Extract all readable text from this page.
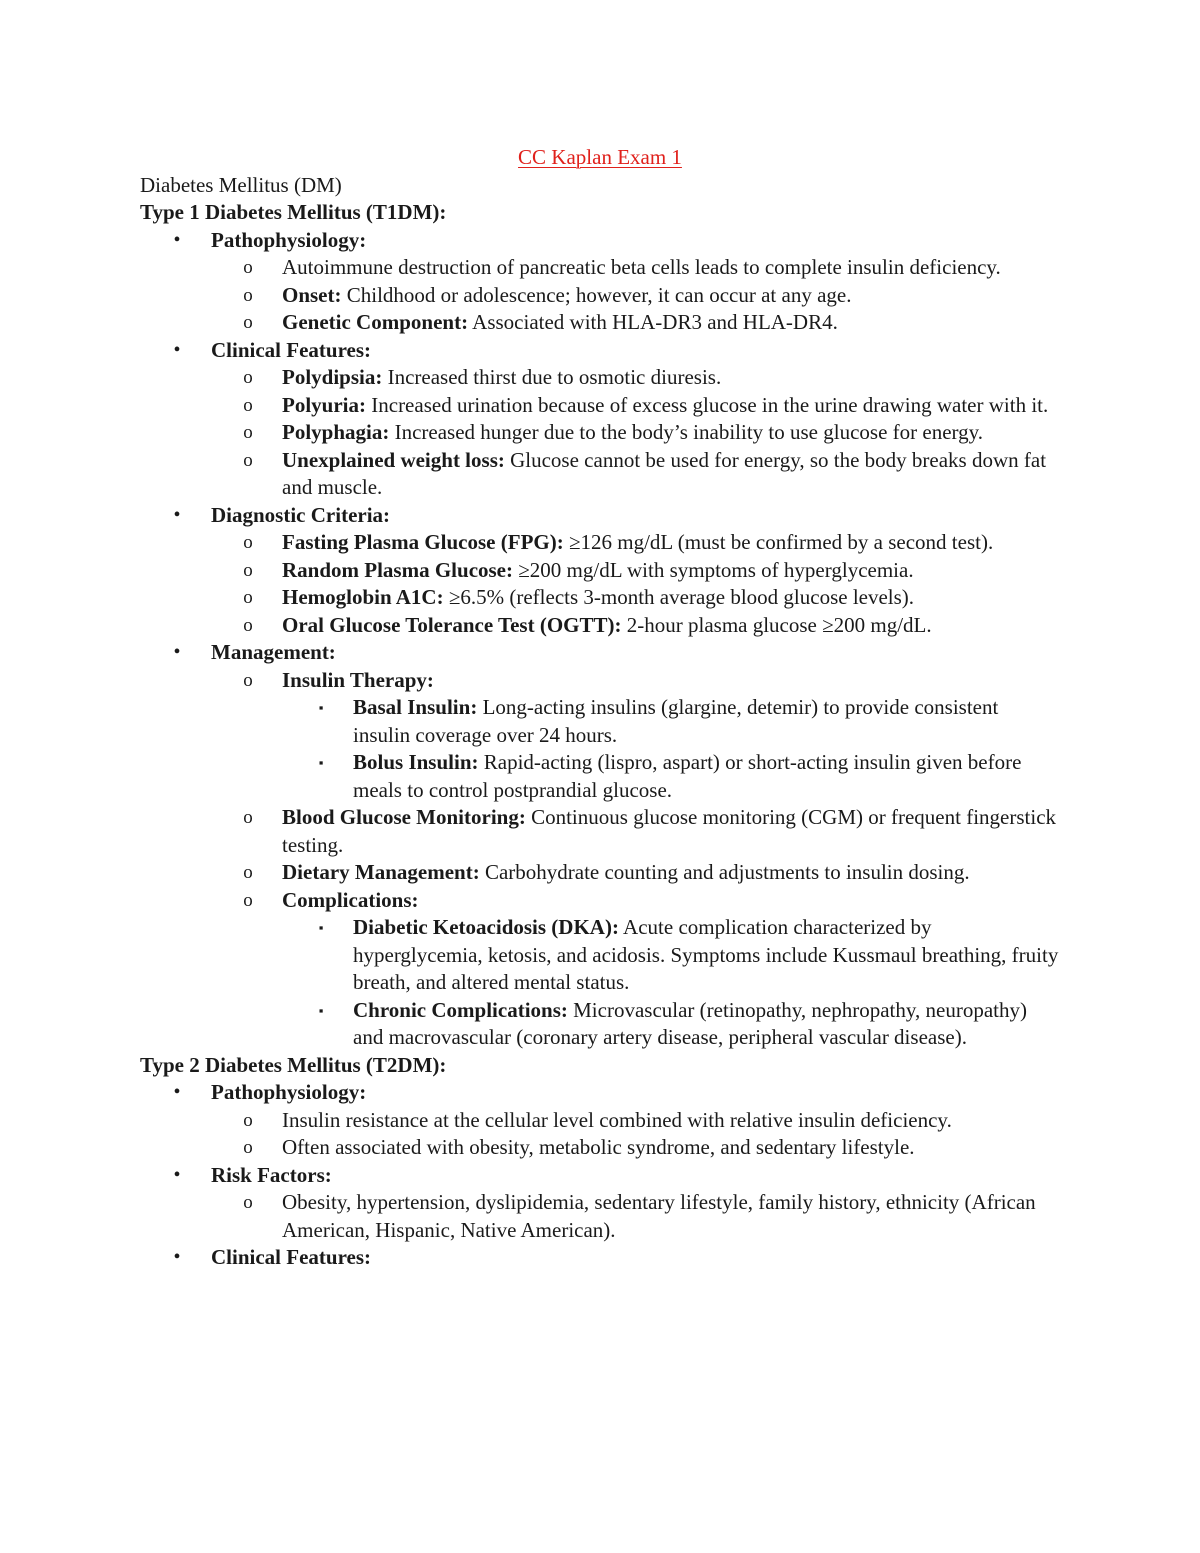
CC Kaplan Exam 1

Diabetes Mellitus (DM)

Type 1 Diabetes Mellitus (T1DM):

•	Pathophysiology:
o Autoimmune destruction of pancreatic beta cells leads to complete insulin deficiency.
o Onset: Childhood or adolescence; however, it can occur at any age.
o Genetic Component: Associated with HLA-DR3 and HLA-DR4.
•	Clinical Features:
o Polydipsia: Increased thirst due to osmotic diuresis.
o Polyuria: Increased urination because of excess glucose in the urine drawing water with it.
o Polyphagia: Increased hunger due to the body’s inability to use glucose for energy.
o Unexplained weight loss: Glucose cannot be used for energy, so the body breaks down fat and muscle.
•	Diagnostic Criteria:
o Fasting Plasma Glucose (FPG): ≥126 mg/dL (must be confirmed by a second test).
o Random Plasma Glucose: ≥200 mg/dL with symptoms of hyperglycemia.
o Hemoglobin A1C: ≥6.5% (reflects 3-month average blood glucose levels).
o Oral Glucose Tolerance Test (OGTT): 2-hour plasma glucose ≥200 mg/dL.
•	Management:
o Insulin Therapy:
▪	Basal Insulin: Long-acting insulins (glargine, detemir) to provide consistent insulin coverage over 24 hours.
▪	Bolus Insulin: Rapid-acting (lispro, aspart) or short-acting insulin given before meals to control postprandial glucose.
o Blood Glucose Monitoring: Continuous glucose monitoring (CGM) or frequent fingerstick testing.
o Dietary Management: Carbohydrate counting and adjustments to insulin dosing.
o Complications:
▪	Diabetic Ketoacidosis (DKA): Acute complication characterized by hyperglycemia, ketosis, and acidosis. Symptoms include Kussmaul breathing, fruity breath, and altered mental status.
▪	Chronic Complications: Microvascular (retinopathy, nephropathy, neuropathy) and macrovascular (coronary artery disease, peripheral vascular disease).

Type 2 Diabetes Mellitus (T2DM):

•	Pathophysiology:
o Insulin resistance at the cellular level combined with relative insulin deficiency.
o Often associated with obesity, metabolic syndrome, and sedentary lifestyle.
•	Risk Factors:
o Obesity, hypertension, dyslipidemia, sedentary lifestyle, family history, ethnicity (African American, Hispanic, Native American).
•	Clinical Features:
